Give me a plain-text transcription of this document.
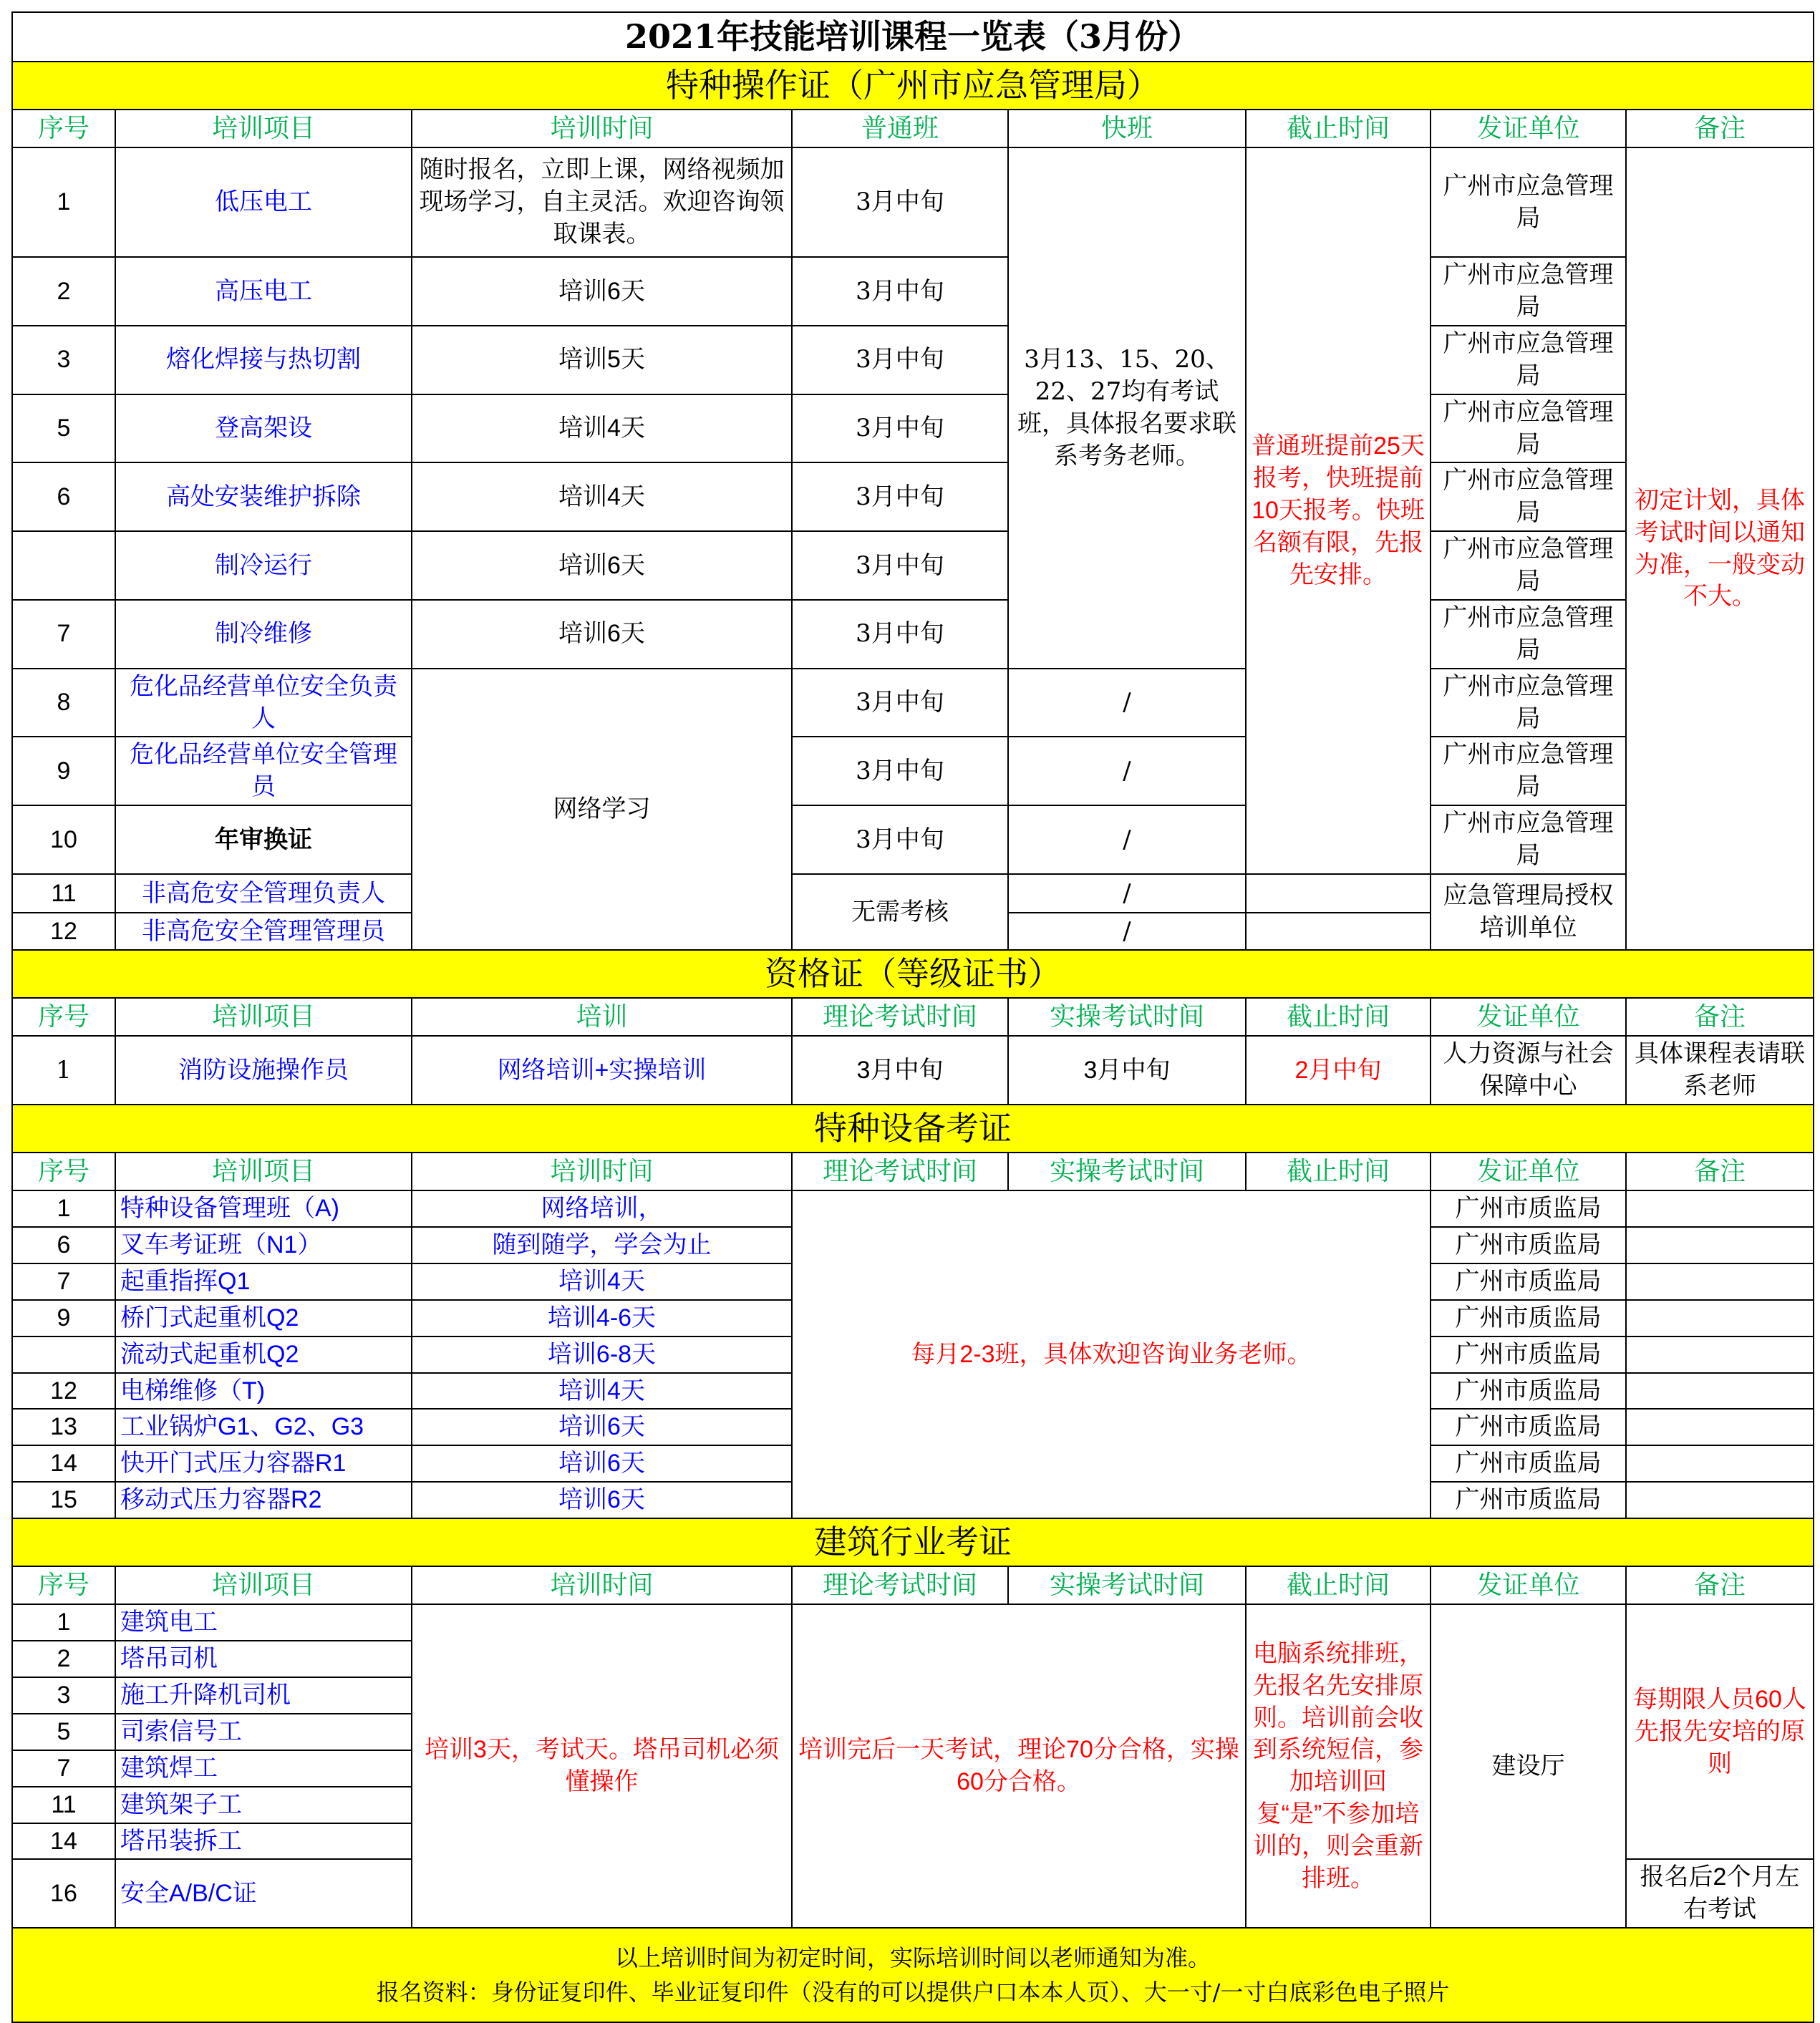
2021年技能培训课程一览表（3月份）							
特种操作证（广州市应急管理局）							
序号	培训项目	培训时间	普通班	快班	截止时间	发证单位	备注
1	低压电工	随时报名，立即上课，网络视频加现场学习，自主灵活。欢迎咨询领取课表。	3月中旬	3月13、15、20、22、27均有考试班，具体报名要求联系考务老师。	普通班提前25天报考，快班提前10天报考。快班名额有限，先报先安排。	广州市应急管理局	初定计划，具体考试时间以通知为准，一般变动不大。
2	高压电工	培训6天	3月中旬			广州市应急管理局	
3	熔化焊接与热切割	培训5天	3月中旬			广州市应急管理局	
5	登高架设	培训4天	3月中旬			广州市应急管理局	
6	高处安装维护拆除	培训4天	3月中旬			广州市应急管理局	
	制冷运行	培训6天	3月中旬			广州市应急管理局	
7	制冷维修	培训6天	3月中旬			广州市应急管理局	
8	危化品经营单位安全负责人	网络学习	3月中旬	/		广州市应急管理局	
9	危化品经营单位安全管理员		3月中旬	/		广州市应急管理局	
10	年审换证		3月中旬	/		广州市应急管理局	
11	非高危安全管理负责人		无需考核	/		应急管理局授权培训单位	
12	非高危安全管理管理员			/			
资格证（等级证书）							
序号	培训项目	培训	理论考试时间	实操考试时间	截止时间	发证单位	备注
1	消防设施操作员	网络培训+实操培训	3月中旬	3月中旬	2月中旬	人力资源与社会保障中心	具体课程表请联系老师
特种设备考证							
序号	培训项目	培训时间	理论考试时间	实操考试时间	截止时间	发证单位	备注
1	特种设备管理班（A)	网络培训，	每月2-3班，具体欢迎咨询业务老师。			广州市质监局	
6	叉车考证班（N1）	随到随学，学会为止				广州市质监局	
7	起重指挥Q1	培训4天				广州市质监局	
9	桥门式起重机Q2	培训4-6天				广州市质监局	
	流动式起重机Q2	培训6-8天				广州市质监局	
12	电梯维修（T)	培训4天				广州市质监局	
13	工业锅炉G1、G2、G3	培训6天				广州市质监局	
14	快开门式压力容器R1	培训6天				广州市质监局	
15	移动式压力容器R2	培训6天				广州市质监局	
建筑行业考证							
序号	培训项目	培训时间	理论考试时间	实操考试时间	截止时间	发证单位	备注
1	建筑电工	培训3天，考试天。塔吊司机必须懂操作	培训完后一天考试，理论70分合格，实操60分合格。		电脑系统排班，先报名先安排原则。培训前会收到系统短信，参加培训回复“是”不参加培训的，则会重新排班。	建设厅	每期限人员60人先报先安培的原则
2	塔吊司机						
3	施工升降机司机						
5	司索信号工						
7	建筑焊工						
11	建筑架子工						
14	塔吊装拆工						
16	安全A/B/C证						报名后2个月左右考试

以上培训时间为初定时间，实际培训时间以老师通知为准。
报名资料：身份证复印件、毕业证复印件（没有的可以提供户口本本人页）、大一寸/一寸白底彩色电子照片							
